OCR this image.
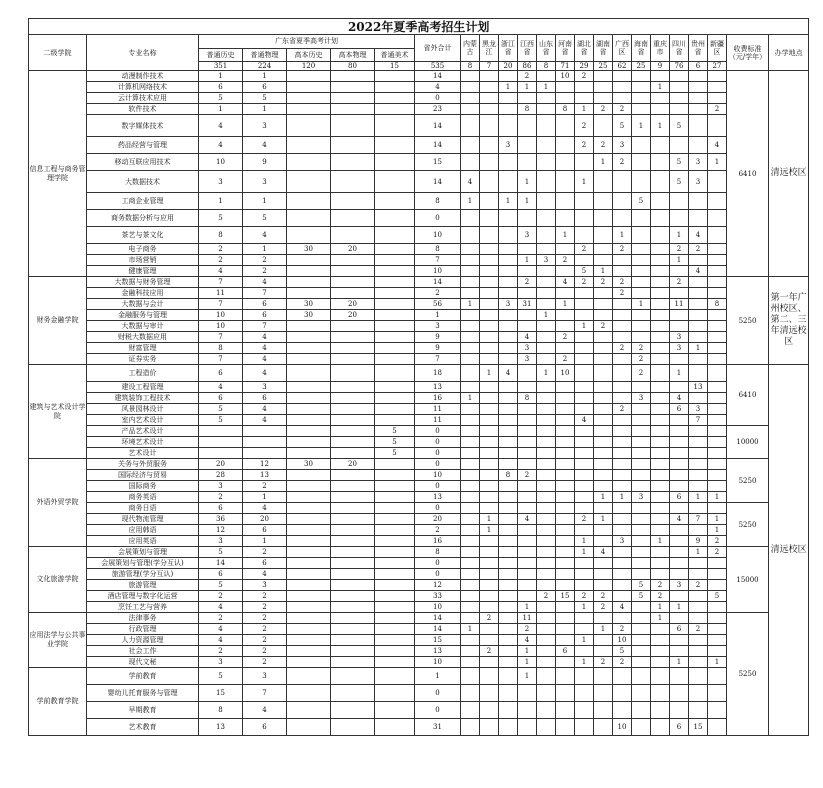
2022年夏季高考招生计划																							
二级学院	专业名称	广东省夏季高考计划					省外合计	内蒙古	黑龙江	浙江省	江西省	山东省	河南省	湖北省	湖南省	广西区	海南省	重庆市	四川省	贵州省	新疆区	收费标准（元/学年）	办学地点
		普通历史	普通物理	高本历史	高本物理	普通美术																	
		351	224	120	80	15	535	8	7	20	86	8	71	29	25	62	25	9	76	6	27		
信息工程与商务管理学院	动漫制作技术	1	1				14				2		10	2								6410	清远校区
	计算机网络技术	6	6				4			1	1	1						1					
	云计算技术应用	5	5				0																
	软件技术	1	1				23				8		8	1	2	2					2		
	数字媒体技术	4	3				14							2		5	1	1	5				
	药品经营与管理	4	4				14			3				2	2	3					4		
	移动互联应用技术	10	9				15								1	2			5	3	1		
	大数据技术	3	3				14	4			1			1					5	3			
	工商企业管理	1	1				8	1		1	1						5						
	商务数据分析与应用	5	5				0																
	茶艺与茶文化	8	4				10				3		1			1			1	4			
	电子商务	2	1	30	20		8							2		2			2	2			
	市场营销	2	2				7				1	3	2						1				
	健康管理	4	2				10							5	1					4			
财务金融学院	大数据与财务管理	7	4				14				2		4	2	2	2			2			5250	第一年广州校区、第二、三年清远校区
	金融科技应用	11	7				2									2							
	大数据与会计	7	6	30	20		56	1		3	31		1				1		11		8		
	金融服务与管理	10	6	30	20		1					1											
	大数据与审计	10	7				3							1	2								
	财税大数据应用	7	4				9				4		2						3				
	财富管理	8	4				9				3					2	2		3	1			
	证券实务	7	4				7				3		2				2						
建筑与艺术设计学院	工程造价	6	4				18		1	4		1	10				2		1			6410	清远校区
	建设工程管理	4	3				13													13			
	建筑装饰工程技术	6	6				16	1			8						3		4				
	风景园林设计	5	4				11									2			6	3			
	室内艺术设计	5	4				11							4						7			
	产品艺术设计					5	0															10000	
	环境艺术设计					5	0																
	艺术设计					5	0																
外语外贸学院	关务与外贸服务	20	12	30	20		0															5250	
	国际经济与贸易	28	13				10			8	2												
	国际商务	3	2				0																
	商务英语	2	1				13								1	1	3		6	1	1		
	商务日语	6	4				0															5250	
	现代物流管理	36	20				20		1		4			2	1				4	7	1		
	应用韩语	12	6				2		1												1		
	应用英语	3	1				16							1		3		1		9	2		
文化旅游学院	会展策划与管理	5	2				8							1	4					1	2	15000	
	会展策划与管理(学分互认)	14	6				0																
	旅游管理(学分互认)	6	4				0																
	旅游管理	5	3				12										5	2	3	2			
	酒店管理与数字化运营	2	2				33					2	15	2	2		5	2			5		
	烹饪工艺与营养	4	2				10				1			1	2	4		1	1				
应用法学与公共事业学院	法律事务	2	2				14		2		11							1				5250	
	行政管理	4	2				14	1			2				1	2			6	2			
	人力资源管理	4	2				15				4			1		10							
	社会工作	2	2				13		2		1		6			5							
	现代文秘	3	2				10				1			1	2	2			1		1		
学前教育学院	学前教育	5	3				1				1												
	婴幼儿托育服务与管理	15	7				0																
	早期教育	8	4				0																
	艺术教育	13	6				31									10			6	15			
